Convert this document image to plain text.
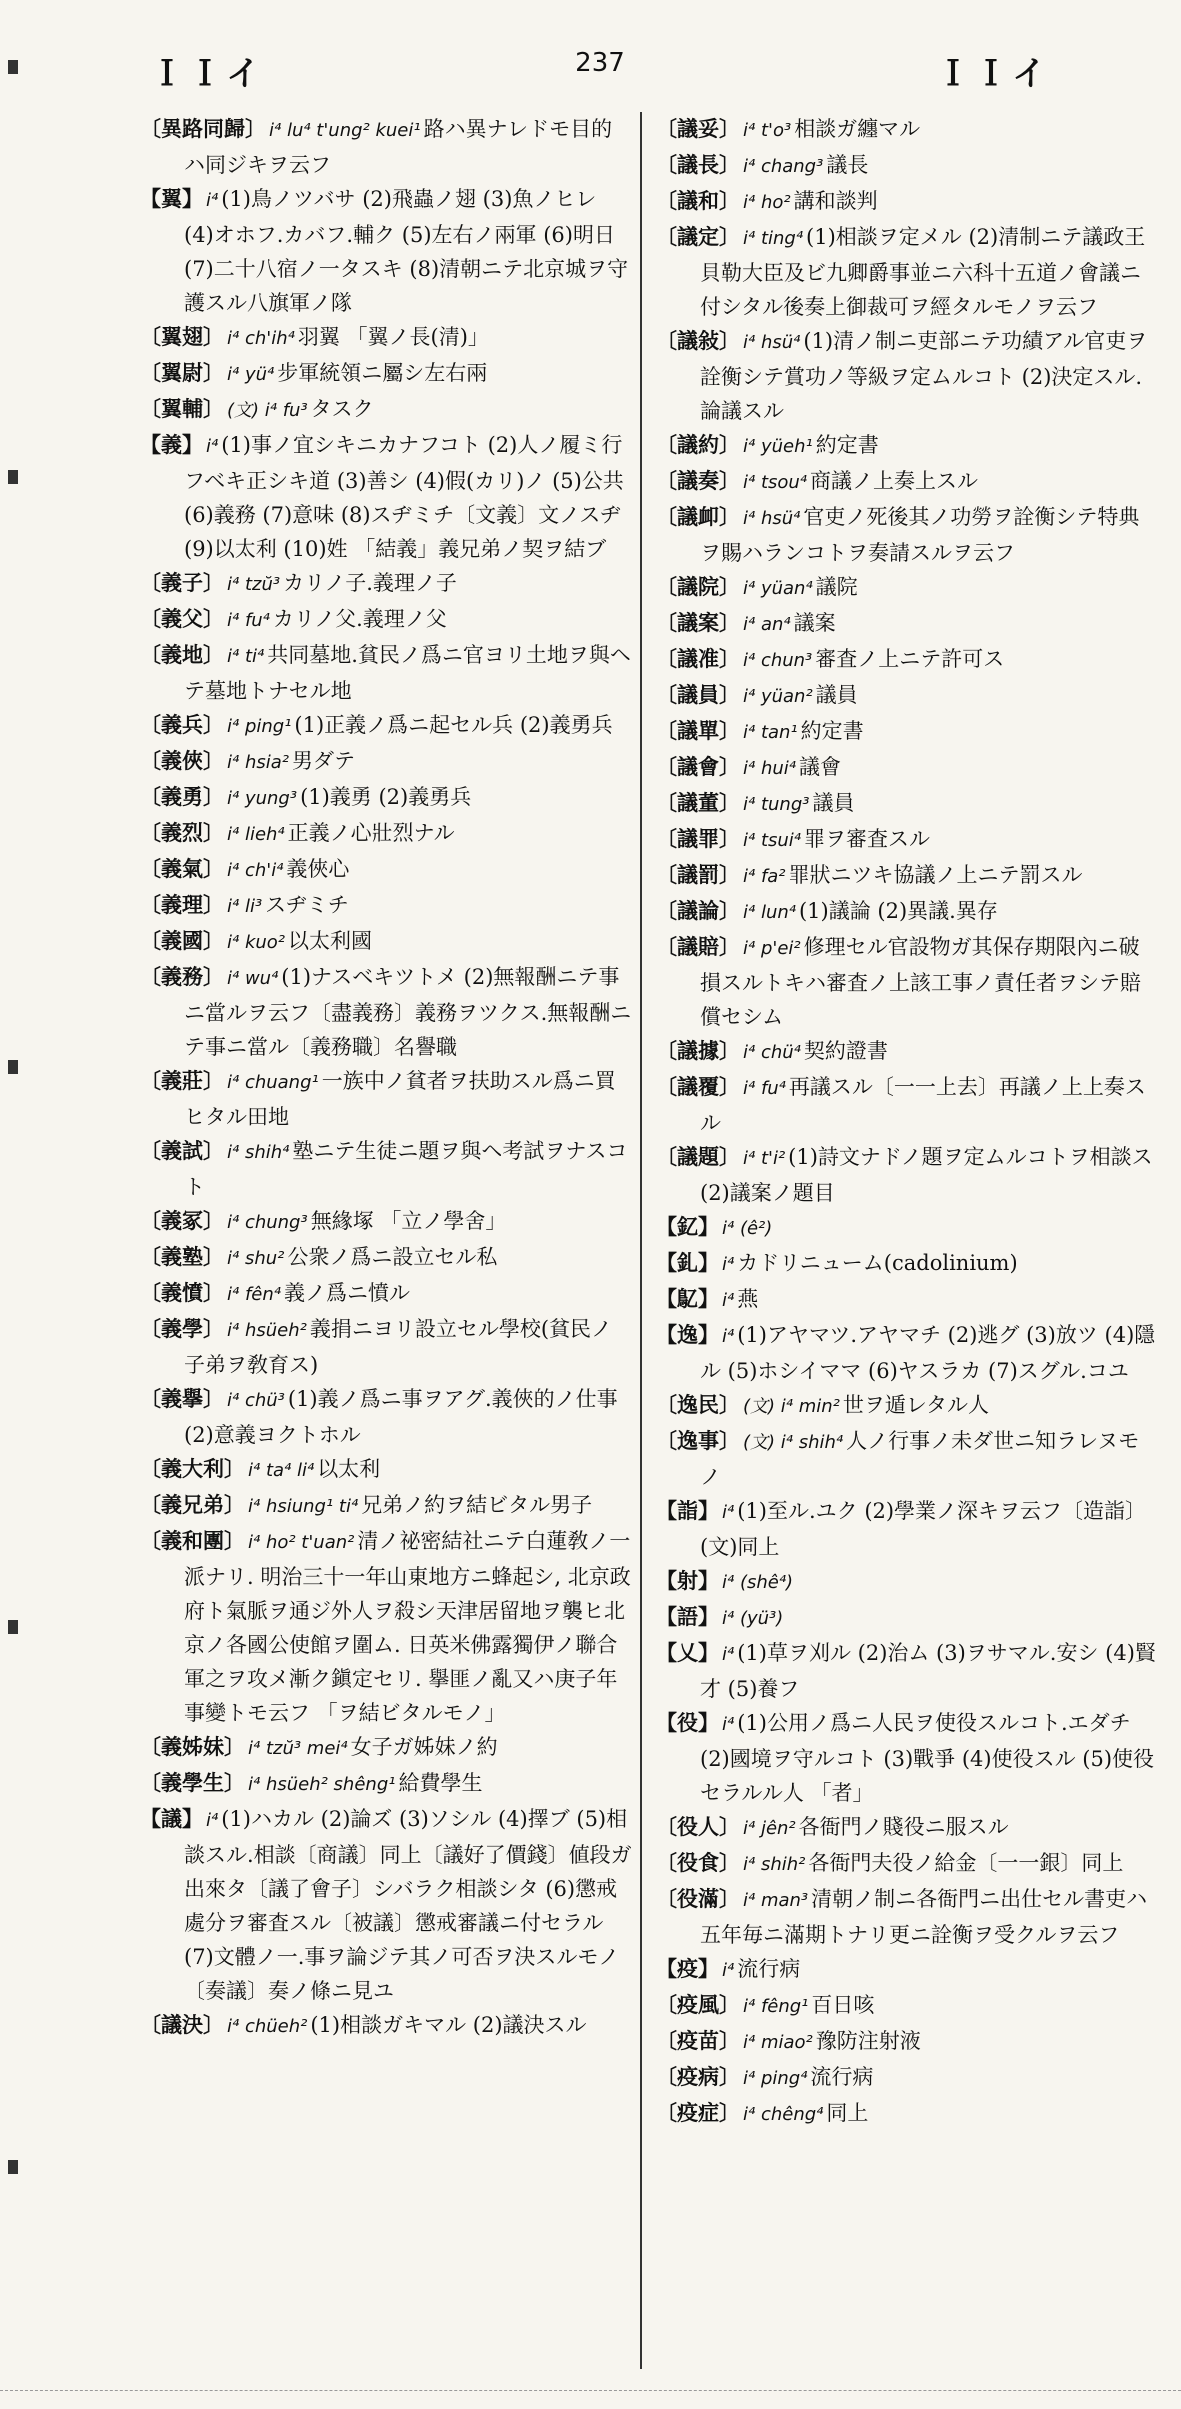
ＩＩイ	237	ＩＩイ

〔異路同歸〕 i⁴ lu⁴ t'ung² kuei¹ 路ハ異ナレドモ目的ハ同ジキヲ云フ

【翼】 i⁴ (1)鳥ノツバサ (2)飛蟲ノ翅 (3)魚ノヒレ (4)オホフ.カバフ.輔ク (5)左右ノ兩軍 (6)明日 (7)二十八宿ノ一タスキ (8)清朝ニテ北京城ヲ守護スル八旗軍ノ隊

〔翼翅〕 i⁴ ch'ih⁴ 羽翼 「翼ノ長(清)」

〔翼尉〕 i⁴ yü⁴ 步軍統領ニ屬シ左右兩

〔翼輔〕 (文) i⁴ fu³ タスク

【義】 i⁴ (1)事ノ宜シキニカナフコト (2)人ノ履ミ行フベキ正シキ道 (3)善シ (4)假(カリ)ノ (5)公共 (6)義務 (7)意味 (8)スヂミチ〔文義〕文ノスヂ (9)以太利 (10)姓 「結義」義兄弟ノ契ヲ結ブ

〔義子〕 i⁴ tzŭ³ カリノ子.義理ノ子

〔義父〕 i⁴ fu⁴ カリノ父.義理ノ父

〔義地〕 i⁴ ti⁴ 共同墓地.貧民ノ爲ニ官ヨリ土地ヲ與ヘテ墓地トナセル地

〔義兵〕 i⁴ ping¹ (1)正義ノ爲ニ起セル兵 (2)義勇兵

〔義俠〕 i⁴ hsia² 男ダテ

〔義勇〕 i⁴ yung³ (1)義勇 (2)義勇兵

〔義烈〕 i⁴ lieh⁴ 正義ノ心壯烈ナル

〔義氣〕 i⁴ ch'i⁴ 義俠心

〔義理〕 i⁴ li³ スヂミチ

〔義國〕 i⁴ kuo² 以太利國

〔義務〕 i⁴ wu⁴ (1)ナスベキツトメ (2)無報酬ニテ事ニ當ルヲ云フ〔盡義務〕義務ヲツクス.無報酬ニテ事ニ當ル〔義務職〕名譽職

〔義莊〕 i⁴ chuang¹ 一族中ノ貧者ヲ扶助スル爲ニ買ヒタル田地

〔義試〕 i⁴ shih⁴ 塾ニテ生徒ニ題ヲ與ヘ考試ヲナスコト

〔義冢〕 i⁴ chung³ 無緣塚 「立ノ學舍」

〔義塾〕 i⁴ shu² 公衆ノ爲ニ設立セル私

〔義憤〕 i⁴ fên⁴ 義ノ爲ニ憤ル

〔義學〕 i⁴ hsüeh² 義捐ニヨリ設立セル學校(貧民ノ子弟ヲ敎育ス)

〔義擧〕 i⁴ chü³ (1)義ノ爲ニ事ヲアグ.義俠的ノ仕事 (2)意義ヨクトホル

〔義大利〕 i⁴ ta⁴ li⁴ 以太利

〔義兄弟〕 i⁴ hsiung¹ ti⁴ 兄弟ノ約ヲ結ビタル男子

〔義和團〕 i⁴ ho² t'uan² 清ノ祕密結社ニテ白蓮敎ノ一派ナリ. 明治三十一年山東地方ニ蜂起シ, 北京政府ト氣脈ヲ通ジ外人ヲ殺シ天津居留地ヲ襲ヒ北京ノ各國公使館ヲ圍ム. 日英米佛露獨伊ノ聯合軍之ヲ攻メ漸ク鎭定セリ. 擧匪ノ亂又ハ庚子年事變トモ云フ 「ヲ結ビタルモノ」

〔義姊妹〕 i⁴ tzŭ³ mei⁴ 女子ガ姊妹ノ約

〔義學生〕 i⁴ hsüeh² shêng¹ 給費學生

【議】 i⁴ (1)ハカル (2)論ズ (3)ソシル (4)擇ブ (5)相談スル.相談〔商議〕同上〔議好了價錢〕値段ガ出來タ〔議了會子〕シバラク相談シタ (6)懲戒處分ヲ審査スル〔被議〕懲戒審議ニ付セラル (7)文體ノ一.事ヲ論ジテ其ノ可否ヲ決スルモノ〔奏議〕奏ノ條ニ見ユ

〔議決〕 i⁴ chüeh² (1)相談ガキマル (2)議決スル

〔議妥〕 i⁴ t'o³ 相談ガ纏マル

〔議長〕 i⁴ chang³ 議長

〔議和〕 i⁴ ho² 講和談判

〔議定〕 i⁴ ting⁴ (1)相談ヲ定メル (2)清制ニテ議政王貝勒大臣及ビ九卿爵事並ニ六科十五道ノ會議ニ付シタル後奏上御裁可ヲ經タルモノヲ云フ

〔議敍〕 i⁴ hsü⁴ (1)清ノ制ニ吏部ニテ功績アル官吏ヲ詮衡シテ賞功ノ等級ヲ定ムルコト (2)決定スル.論議スル

〔議約〕 i⁴ yüeh¹ 約定書

〔議奏〕 i⁴ tsou⁴ 商議ノ上奏上スル

〔議卹〕 i⁴ hsü⁴ 官吏ノ死後其ノ功勞ヲ詮衡シテ特典ヲ賜ハランコトヲ奏請スルヲ云フ

〔議院〕 i⁴ yüan⁴ 議院

〔議案〕 i⁴ an⁴ 議案

〔議准〕 i⁴ chun³ 審査ノ上ニテ許可ス

〔議員〕 i⁴ yüan² 議員

〔議單〕 i⁴ tan¹ 約定書

〔議會〕 i⁴ hui⁴ 議會

〔議董〕 i⁴ tung³ 議員

〔議罪〕 i⁴ tsui⁴ 罪ヲ審査スル

〔議罰〕 i⁴ fa² 罪狀ニツキ協議ノ上ニテ罰スル

〔議論〕 i⁴ lun⁴ (1)議論 (2)異議.異存

〔議賠〕 i⁴ p'ei² 修理セル官設物ガ其保存期限內ニ破損スルトキハ審査ノ上該工事ノ責任者ヲシテ賠償セシム

〔議據〕 i⁴ chü⁴ 契約證書

〔議覆〕 i⁴ fu⁴ 再議スル〔一一上去〕再議ノ上上奏スル

〔議題〕 i⁴ t'i² (1)詩文ナドノ題ヲ定ムルコトヲ相談ス (2)議案ノ題目

【釔】 i⁴ (ê²)

【釓】 i⁴ カドリニューム(cadolinium)

【鳦】 i⁴ 燕

【逸】 i⁴ (1)アヤマツ.アヤマチ (2)逃グ (3)放ツ (4)隱ル (5)ホシイママ (6)ヤスラカ (7)スグル.コユ

〔逸民〕 (文) i⁴ min² 世ヲ遁レタル人

〔逸事〕 (文) i⁴ shih⁴ 人ノ行事ノ未ダ世ニ知ラレヌモノ

【詣】 i⁴ (1)至ル.ユク (2)學業ノ深キヲ云フ〔造詣〕(文)同上

【射】 i⁴ (shê⁴)

【語】 i⁴ (yü³)

【乂】 i⁴ (1)草ヲ刈ル (2)治ム (3)ヲサマル.安シ (4)賢才 (5)養フ

【役】 i⁴ (1)公用ノ爲ニ人民ヲ使役スルコト.エダチ (2)國境ヲ守ルコト (3)戰爭 (4)使役スル (5)使役セラルル人 「者」

〔役人〕 i⁴ jên² 各衙門ノ賤役ニ服スル

〔役食〕 i⁴ shih² 各衙門夫役ノ給金〔一一銀〕同上

〔役滿〕 i⁴ man³ 清朝ノ制ニ各衙門ニ出仕セル書吏ハ五年毎ニ滿期トナリ更ニ詮衡ヲ受クルヲ云フ

【疫】 i⁴ 流行病

〔疫風〕 i⁴ fêng¹ 百日咳

〔疫苗〕 i⁴ miao² 豫防注射液

〔疫病〕 i⁴ ping⁴ 流行病

〔疫症〕 i⁴ chêng⁴ 同上
